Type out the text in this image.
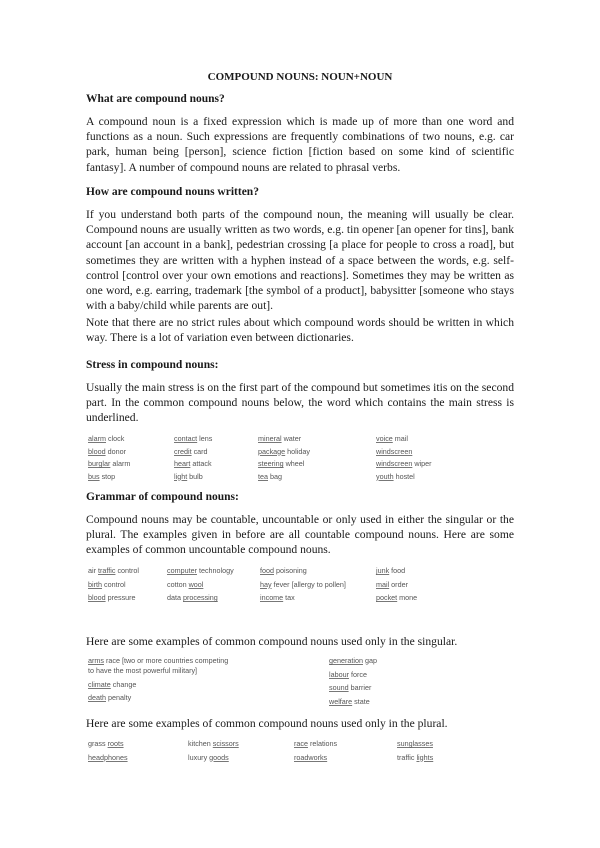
COMPOUND NOUNS: NOUN+NOUN
What are compound nouns?

A compound noun is a fixed expression which is made up of more than one word and functions as a noun. Such expressions are frequently combinations of two nouns, e.g. car park, human being [person], science fiction [fiction based on some kind of scientific fantasy]. A number of compound nouns are related to phrasal verbs.

How are compound nouns written?

If you understand both parts of the compound noun, the meaning will usually be clear. Compound nouns are usually written as two words, e.g. tin opener [an opener for tins], bank account [an account in a bank], pedestrian crossing [a place for people to cross a road], but sometimes they are written with a hyphen instead of a space between the words, e.g. self-control [control over your own emotions and reactions]. Sometimes they may be written as one word, e.g. earring, trademark [the symbol of a product], babysitter [someone who stays with a baby/child while parents are out].

Note that there are no strict rules about which compound words should be written in which way. There is a lot of variation even between dictionaries.

Stress in compound nouns:

Usually the main stress is on the first part of the compound but sometimes itis on the second part. In the common compound nouns below, the word which contains the main stress is underlined.

alarm clock
blood donor
burglar alarm
bus stop
contact lens
credit card
heart attack
light bulb
mineral water
package holiday
steering wheel
tea bag
voice mail
windscreen
windscreen wiper
youth hostel
Grammar of compound nouns:

Compound nouns may be countable, uncountable or only used in either the singular or the plural. The examples given in before are all countable compound nouns. Here are some examples of common uncountable compound nouns.

air traffic control
birth control
blood pressure
computer technology
cotton wool
data processing
food poisoning
hay fever [allergy to pollen]
income tax
junk food
mail order
pocket mone

Here are some examples of common compound nouns used only in the singular.

arms race [two or more countries competing
to have the most powerful military]
climate change
death penalty
generation gap
labour force
sound barrier
welfare state

Here are some examples of common compound nouns used only in the plural.

grass roots
headphones
kitchen scissors
luxury goods
race relations
roadworks
sunglasses
traffic lights
